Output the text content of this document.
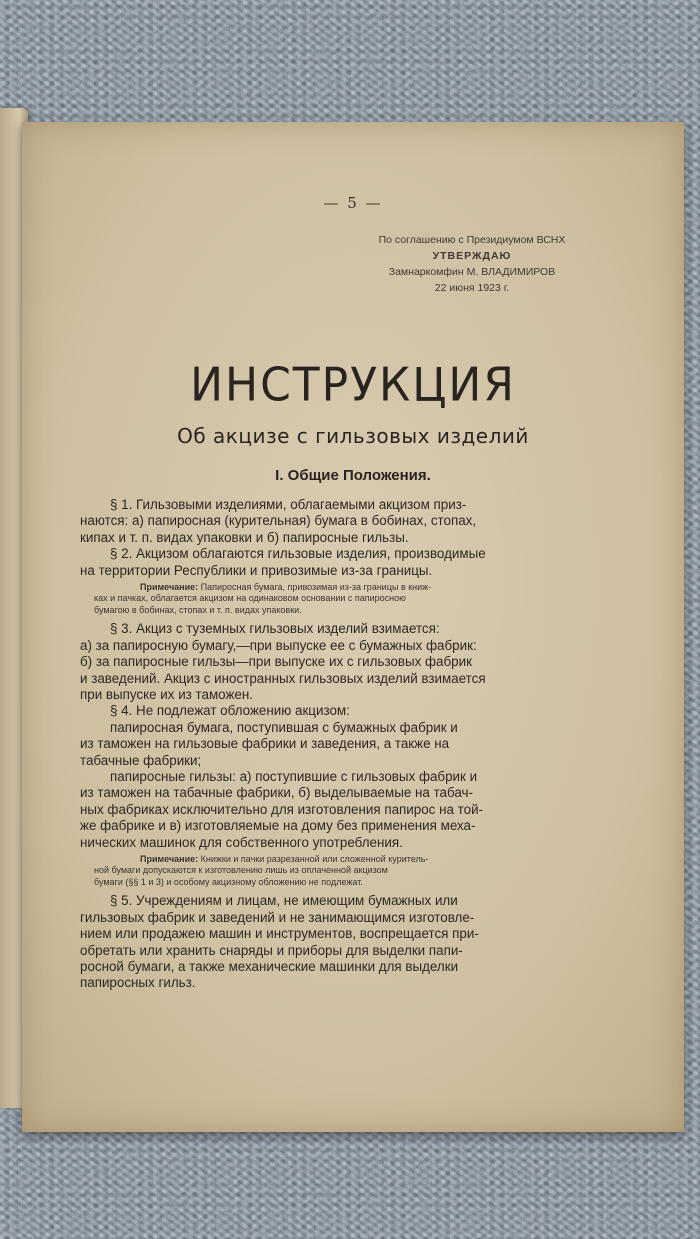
— 5 —
По соглашению с Президиумом ВСНХ
УТВЕРЖДАЮ
Замнаркомфин М. ВЛАДИМИРОВ
22 июня 1923 г.
ИНСТРУКЦИЯ
Об акцизе с гильзовых изделий
I. Общие Положения.
§ 1. Гильзовыми изделиями, облагаемыми акцизом приз-
наются: а) папиросная (курительная) бумага в бобинах, стопах,
кипах и т. п. видах упаковки и б) папиросные гильзы.
§ 2. Акцизом облагаются гильзовые изделия, производимые
на территории Республики и привозимые из-за границы.
Примечание: Папиросная бумага, привозимая из-за границы в книж-
ках и пачках, облагается акцизом на одинаковом основании с папиросною
бумагою в бобинах, стопах и т. п. видах упаковки.
§ 3. Акциз с туземных гильзовых изделий взимается:
а) за папиросную бумагу,—при выпуске ее с бумажных фабрик:
б) за папиросные гильзы—при выпуске их с гильзовых фабрик
и заведений. Акциз с иностранных гильзовых изделий взимается
при выпуске их из таможен.
§ 4. Не подлежат обложению акцизом:
папиросная бумага, поступившая с бумажных фабрик и
из таможен на гильзовые фабрики и заведения, а также на
табачные фабрики;
папиросные гильзы: а) поступившие с гильзовых фабрик и
из таможен на табачные фабрики, б) выделываемые на табач-
ных фабриках исключительно для изготовления папирос на той-
же фабрике и в) изготовляемые на дому без применения меха-
нических машинок для собственного употребления.
Примечание: Книжки и пачки разрезанной или сложенной куритель-
ной бумаги допускаются к изготовлению лишь из оплаченной акцизом
бумаги (§§ 1 и 3) и особому акцизному обложению не подлежат.
§ 5. Учреждениям и лицам, не имеющим бумажных или
гильзовых фабрик и заведений и не занимающимся изготовле-
нием или продажею машин и инструментов, воспрещается при-
обретать или хранить снаряды и приборы для выделки папи-
росной бумаги, а также механические машинки для выделки
папиросных гильз.
